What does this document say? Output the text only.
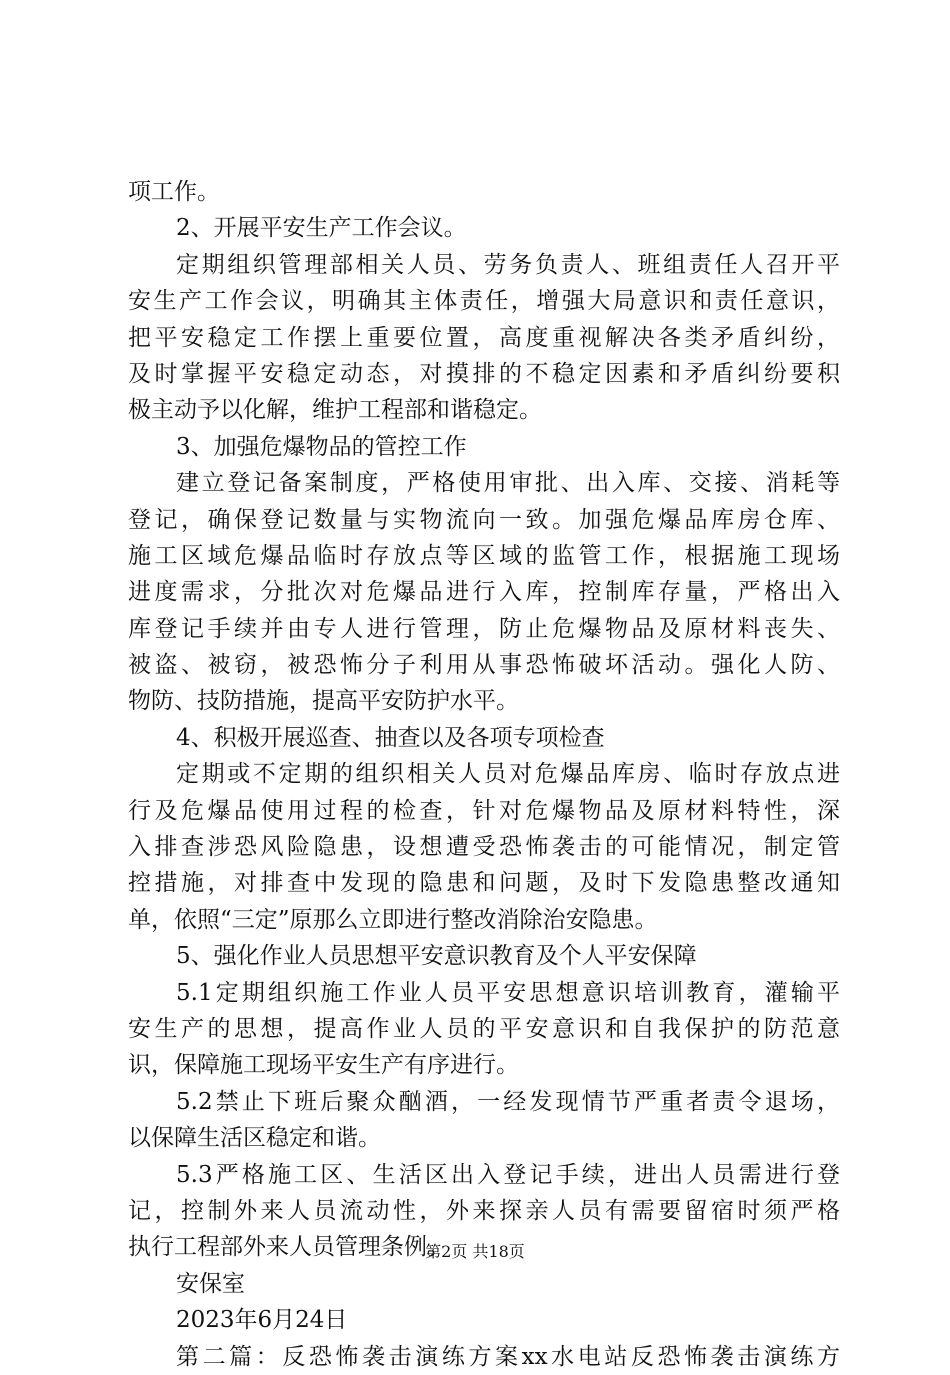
项工作。
2、开展平安生产工作会议。
定期组织管理部相关人员、劳务负责人、班组责任人召开平
安生产工作会议，明确其主体责任，增强大局意识和责任意识，
把平安稳定工作摆上重要位置，高度重视解决各类矛盾纠纷，
及时掌握平安稳定动态，对摸排的不稳定因素和矛盾纠纷要积
极主动予以化解，维护工程部和谐稳定。
3、加强危爆物品的管控工作
建立登记备案制度，严格使用审批、出入库、交接、消耗等
登记，确保登记数量与实物流向一致。加强危爆品库房仓库、
施工区域危爆品临时存放点等区域的监管工作，根据施工现场
进度需求，分批次对危爆品进行入库，控制库存量，严格出入
库登记手续并由专人进行管理，防止危爆物品及原材料丧失、
被盗、被窃，被恐怖分子利用从事恐怖破坏活动。强化人防、
物防、技防措施，提高平安防护水平。
4、积极开展巡查、抽查以及各项专项检查
定期或不定期的组织相关人员对危爆品库房、临时存放点进
行及危爆品使用过程的检查，针对危爆物品及原材料特性，深
入排查涉恐风险隐患，设想遭受恐怖袭击的可能情况，制定管
控措施，对排查中发现的隐患和问题，及时下发隐患整改通知
单，依照“三定”原那么立即进行整改消除治安隐患。
5、强化作业人员思想平安意识教育及个人平安保障
5.1定期组织施工作业人员平安思想意识培训教育，灌输平
安生产的思想，提高作业人员的平安意识和自我保护的防范意
识，保障施工现场平安生产有序进行。
5.2禁止下班后聚众酗酒，一经发现情节严重者责令退场，
以保障生活区稳定和谐。
5.3严格施工区、生活区出入登记手续，进出人员需进行登
记，控制外来人员流动性，外来探亲人员有需要留宿时须严格
执行工程部外来人员管理条例。
安保室
2023年6月24日
第二篇：反恐怖袭击演练方案xx水电站反恐怖袭击演练方
第2页 共18页
